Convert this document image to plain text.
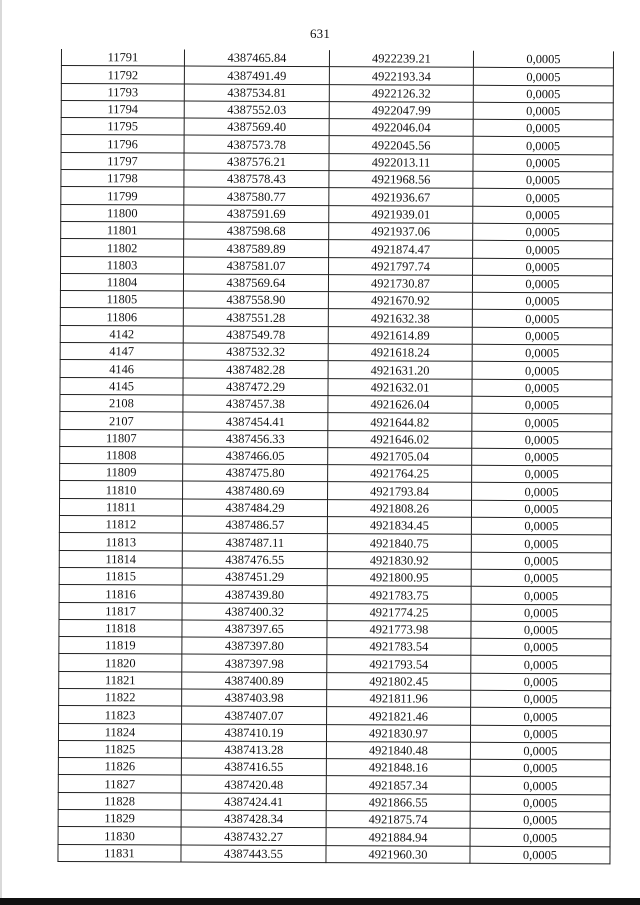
631
11791	4387465.84	4922239.21	0,0005
11792	4387491.49	4922193.34	0,0005
11793	4387534.81	4922126.32	0,0005
11794	4387552.03	4922047.99	0,0005
11795	4387569.40	4922046.04	0,0005
11796	4387573.78	4922045.56	0,0005
11797	4387576.21	4922013.11	0,0005
11798	4387578.43	4921968.56	0,0005
11799	4387580.77	4921936.67	0,0005
11800	4387591.69	4921939.01	0,0005
11801	4387598.68	4921937.06	0,0005
11802	4387589.89	4921874.47	0,0005
11803	4387581.07	4921797.74	0,0005
11804	4387569.64	4921730.87	0,0005
11805	4387558.90	4921670.92	0,0005
11806	4387551.28	4921632.38	0,0005
4142	4387549.78	4921614.89	0,0005
4147	4387532.32	4921618.24	0,0005
4146	4387482.28	4921631.20	0,0005
4145	4387472.29	4921632.01	0,0005
2108	4387457.38	4921626.04	0,0005
2107	4387454.41	4921644.82	0,0005
11807	4387456.33	4921646.02	0,0005
11808	4387466.05	4921705.04	0,0005
11809	4387475.80	4921764.25	0,0005
11810	4387480.69	4921793.84	0,0005
11811	4387484.29	4921808.26	0,0005
11812	4387486.57	4921834.45	0,0005
11813	4387487.11	4921840.75	0,0005
11814	4387476.55	4921830.92	0,0005
11815	4387451.29	4921800.95	0,0005
11816	4387439.80	4921783.75	0,0005
11817	4387400.32	4921774.25	0,0005
11818	4387397.65	4921773.98	0,0005
11819	4387397.80	4921783.54	0,0005
11820	4387397.98	4921793.54	0,0005
11821	4387400.89	4921802.45	0,0005
11822	4387403.98	4921811.96	0,0005
11823	4387407.07	4921821.46	0,0005
11824	4387410.19	4921830.97	0,0005
11825	4387413.28	4921840.48	0,0005
11826	4387416.55	4921848.16	0,0005
11827	4387420.48	4921857.34	0,0005
11828	4387424.41	4921866.55	0,0005
11829	4387428.34	4921875.74	0,0005
11830	4387432.27	4921884.94	0,0005
11831	4387443.55	4921960.30	0,0005
